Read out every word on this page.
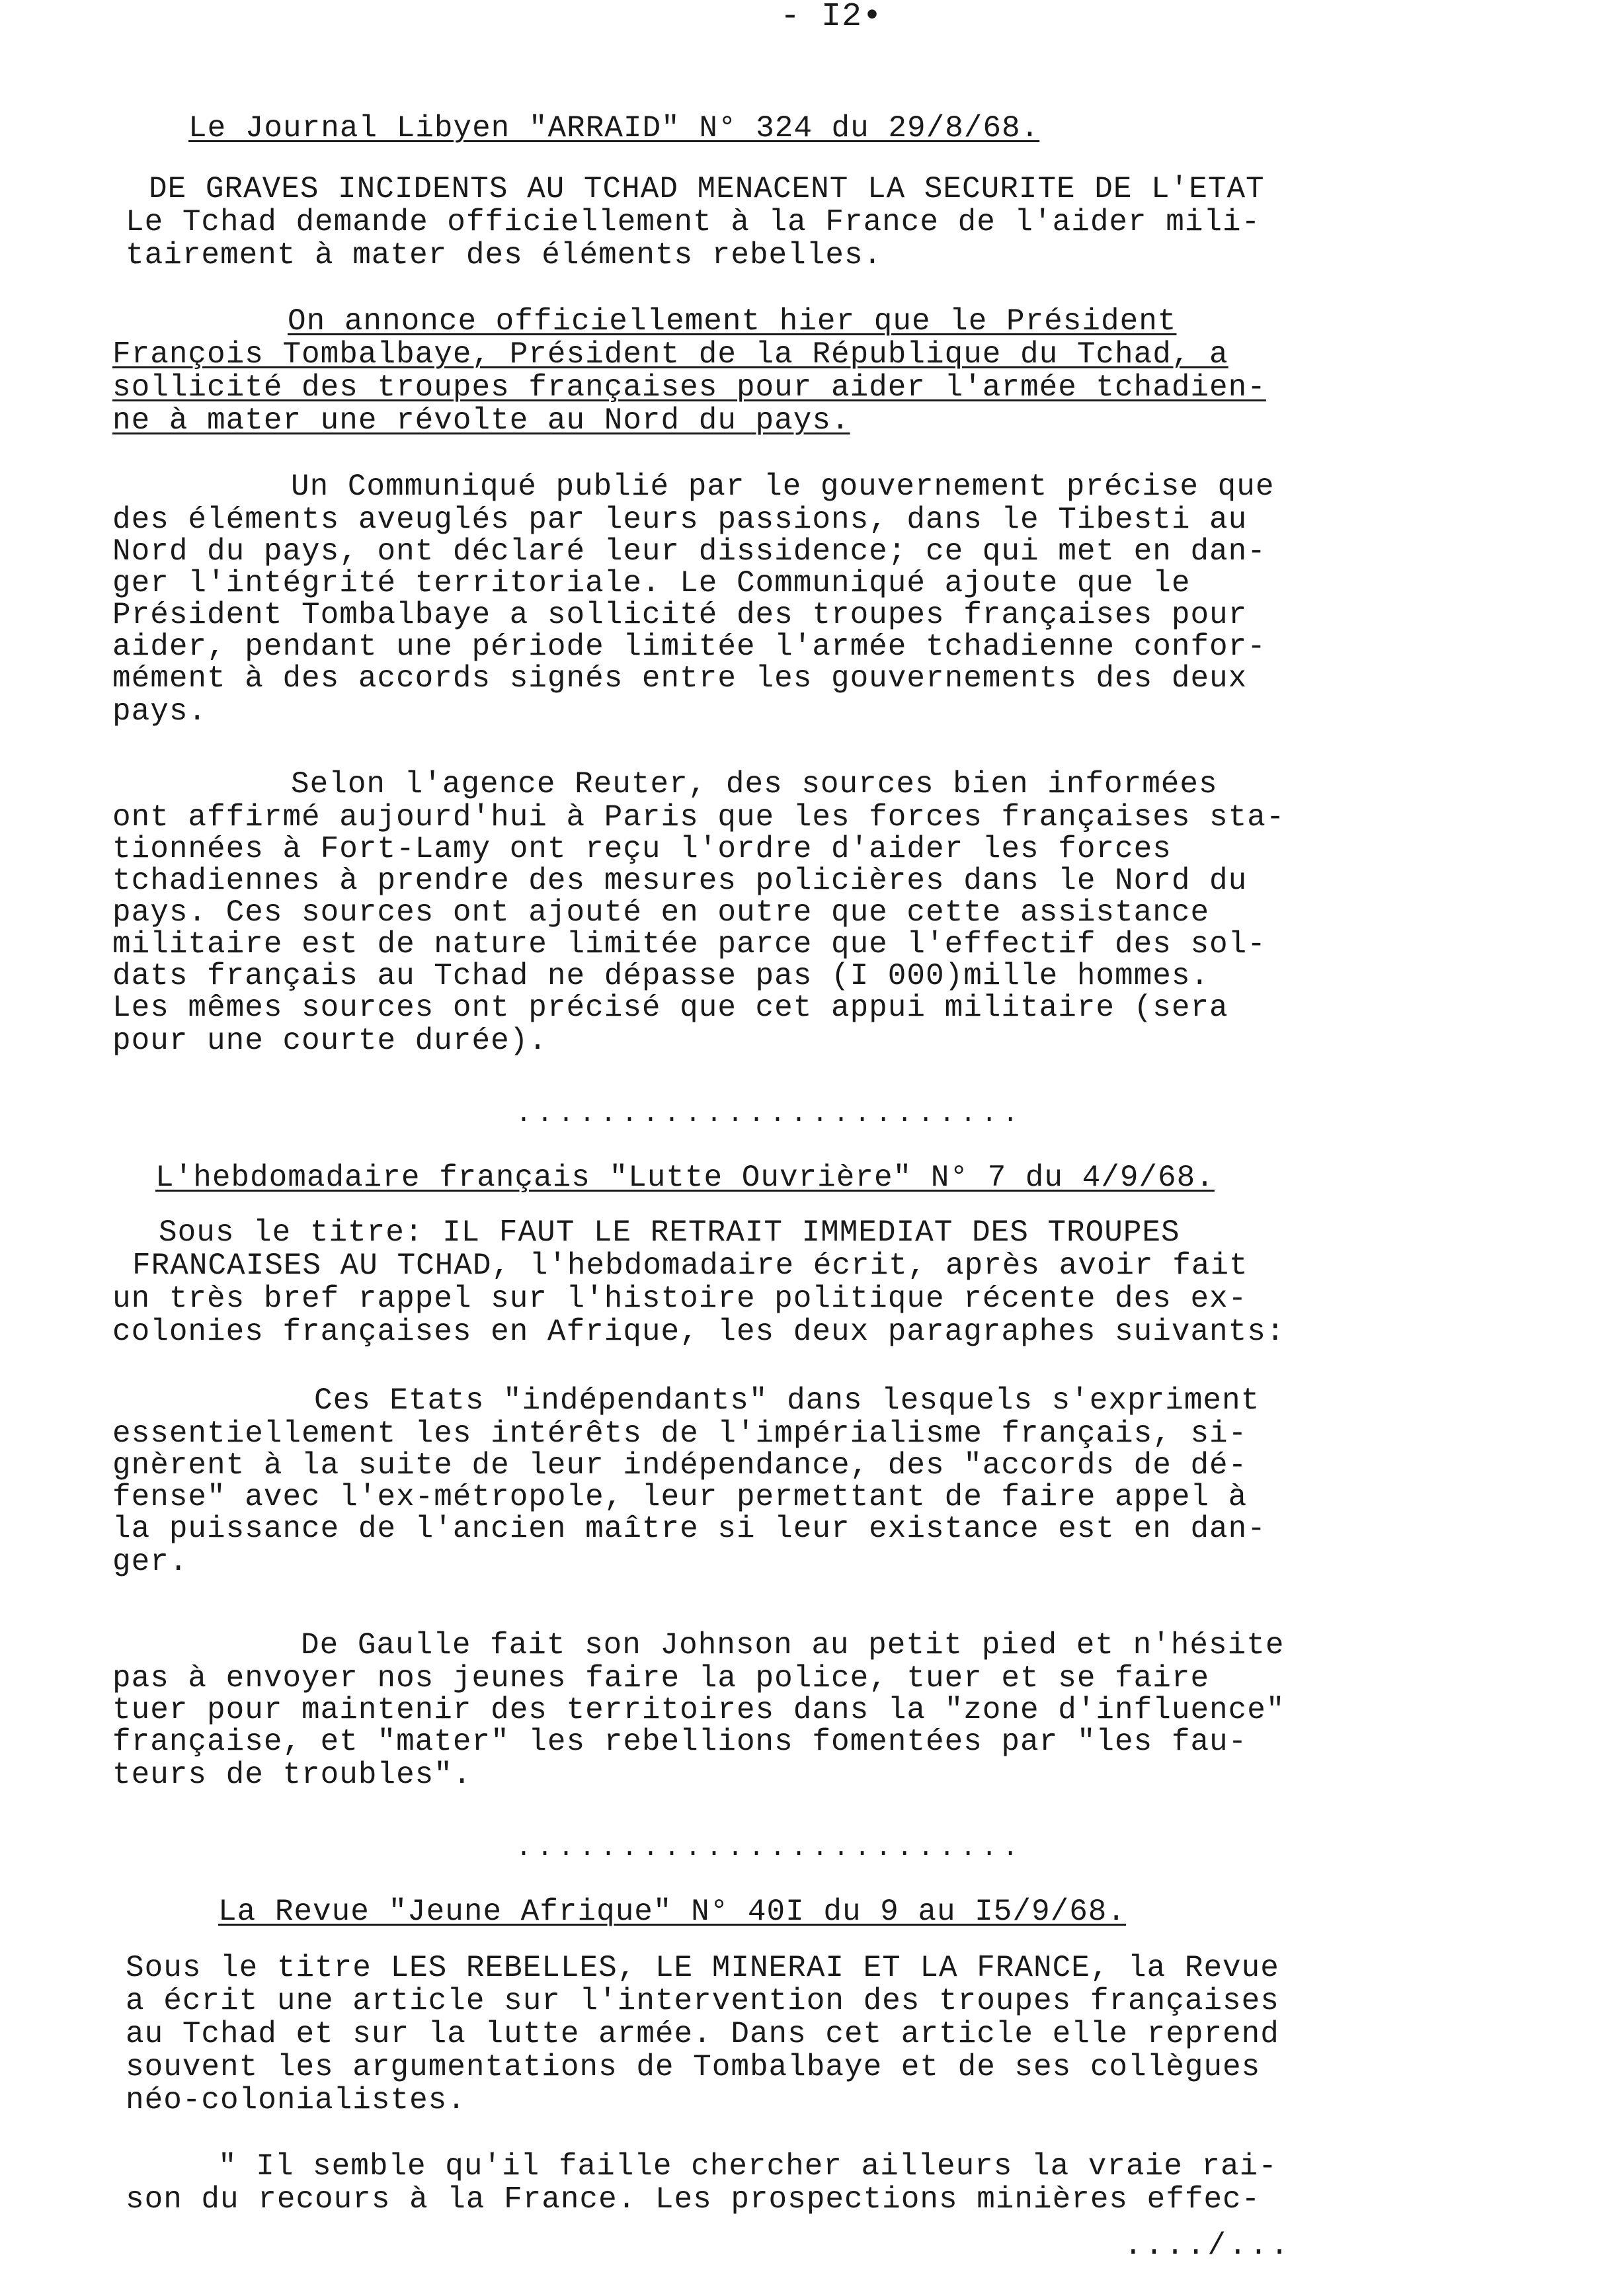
- I2•
Le Journal Libyen "ARRAID" N° 324 du 29/8/68.
DE GRAVES INCIDENTS AU TCHAD MENACENT LA SECURITE DE L'ETAT
Le Tchad demande officiellement à la France de l'aider mili-
tairement à mater des éléments rebelles.
On annonce officiellement hier que le Président
François Tombalbaye, Président de la République du Tchad, a
sollicité des troupes françaises pour aider l'armée tchadien-
ne à mater une révolte au Nord du pays.
Un Communiqué publié par le gouvernement précise que
des éléments aveuglés par leurs passions, dans le Tibesti au
Nord du pays, ont déclaré leur dissidence; ce qui met en dan-
ger l'intégrité territoriale. Le Communiqué ajoute que le
Président Tombalbaye a sollicité des troupes françaises pour
aider, pendant une période limitée l'armée tchadienne confor-
mément à des accords signés entre les gouvernements des deux
pays.
Selon l'agence Reuter, des sources bien informées
ont affirmé aujourd'hui à Paris que les forces françaises sta-
tionnées à Fort-Lamy ont reçu l'ordre d'aider les forces
tchadiennes à prendre des mesures policières dans le Nord du
pays. Ces sources ont ajouté en outre que cette assistance
militaire est de nature limitée parce que l'effectif des sol-
dats français au Tchad ne dépasse pas (I 000)mille hommes.
Les mêmes sources ont précisé que cet appui militaire (sera
pour une courte durée).
........................
L'hebdomadaire français "Lutte Ouvrière" N° 7 du 4/9/68.
Sous le titre: IL FAUT LE RETRAIT IMMEDIAT DES TROUPES
FRANCAISES AU TCHAD, l'hebdomadaire écrit, après avoir fait
un très bref rappel sur l'histoire politique récente des ex-
colonies françaises en Afrique, les deux paragraphes suivants:
Ces Etats "indépendants" dans lesquels s'expriment
essentiellement les intérêts de l'impérialisme français, si-
gnèrent à la suite de leur indépendance, des "accords de dé-
fense" avec l'ex-métropole, leur permettant de faire appel à
la puissance de l'ancien maître si leur existance est en dan-
ger.
De Gaulle fait son Johnson au petit pied et n'hésite
pas à envoyer nos jeunes faire la police, tuer et se faire
tuer pour maintenir des territoires dans la "zone d'influence"
française, et "mater" les rebellions fomentées par "les fau-
teurs de troubles".
........................
La Revue "Jeune Afrique" N° 40I du 9 au I5/9/68.
Sous le titre LES REBELLES, LE MINERAI ET LA FRANCE, la Revue
a écrit une article sur l'intervention des troupes françaises
au Tchad et sur la lutte armée. Dans cet article elle reprend
souvent les argumentations de Tombalbaye et de ses collègues
néo-colonialistes.
" Il semble qu'il faille chercher ailleurs la vraie rai-
son du recours à la France. Les prospections minières effec-
..../...
